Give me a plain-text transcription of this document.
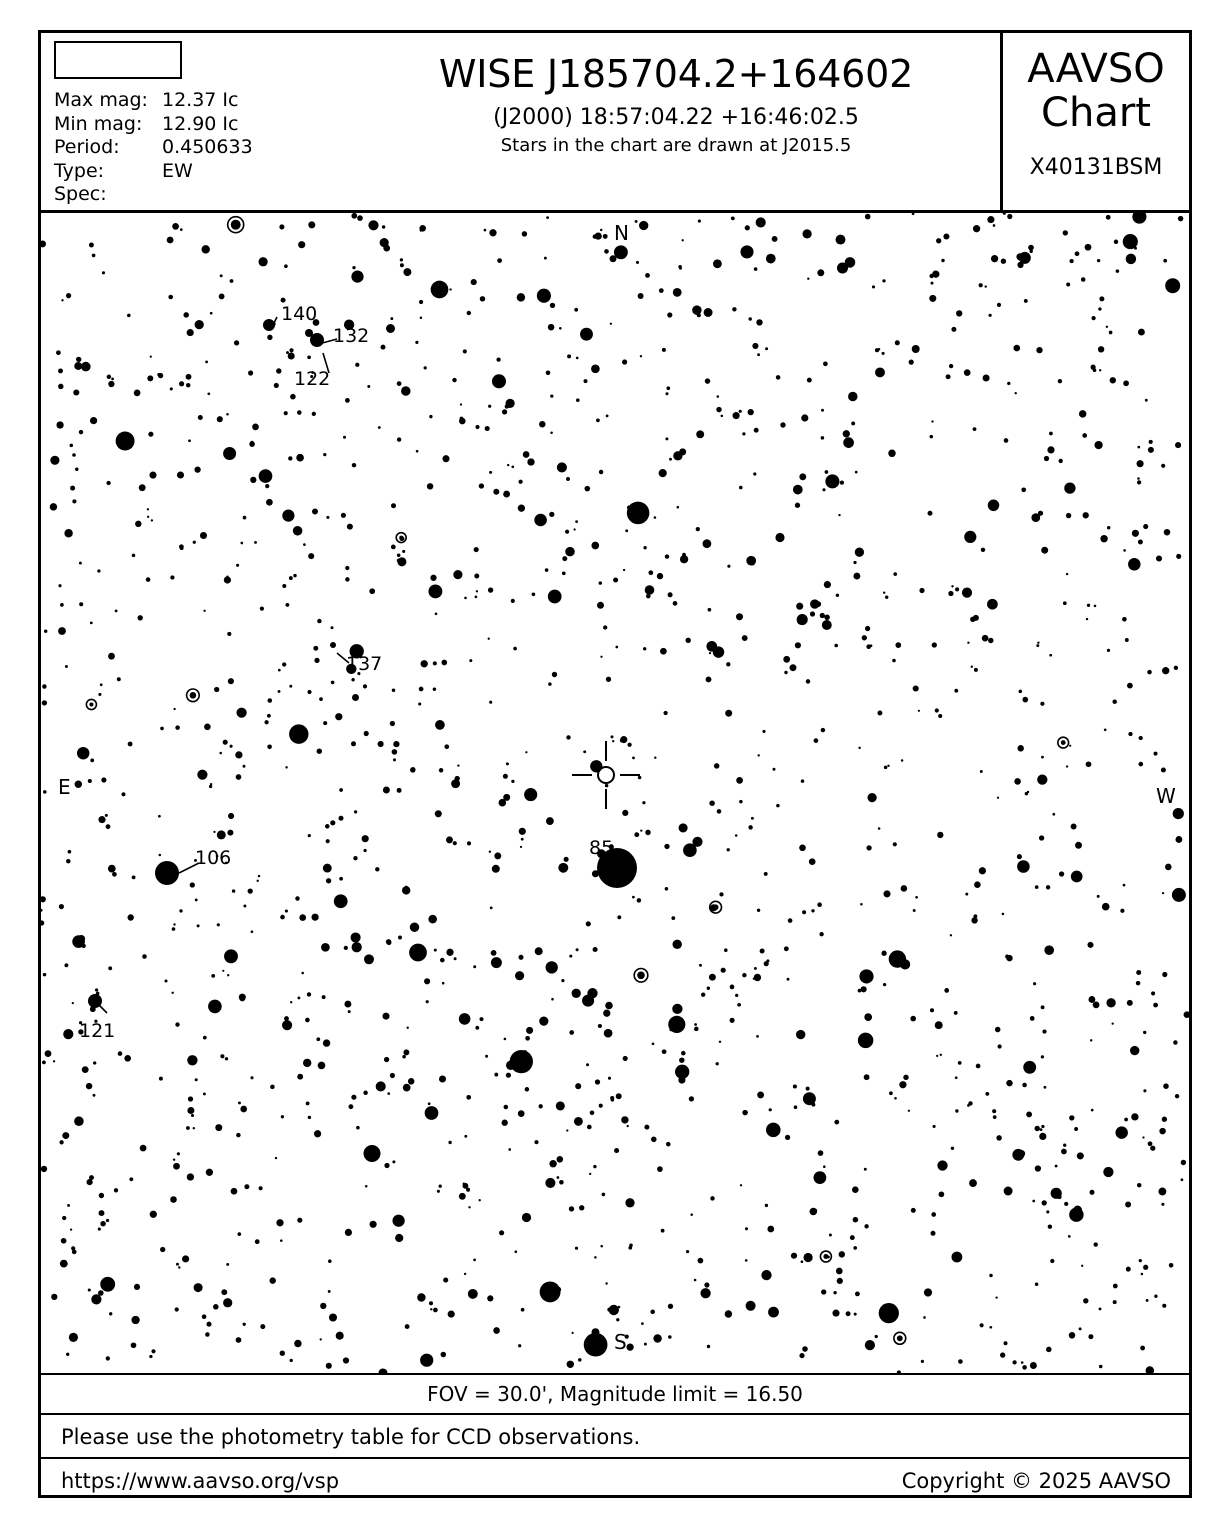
Max mag:	12.37 Ic
Min mag:	12.90 Ic
Period:	0.450633
Type:	EW
Spec:	
WISE J185704.2+164602
(J2000) 18:57:04.22 +16:46:02.5
Stars in the chart are drawn at J2015.5
AAVSO
Chart
X40131BSM
N
S
E	W
140
132
122
137
106	85
121
FOV = 30.0', Magnitude limit = 16.50
Please use the photometry table for CCD observations.
https://www.aavso.org/vsp	Copyright © 2025 AAVSO
